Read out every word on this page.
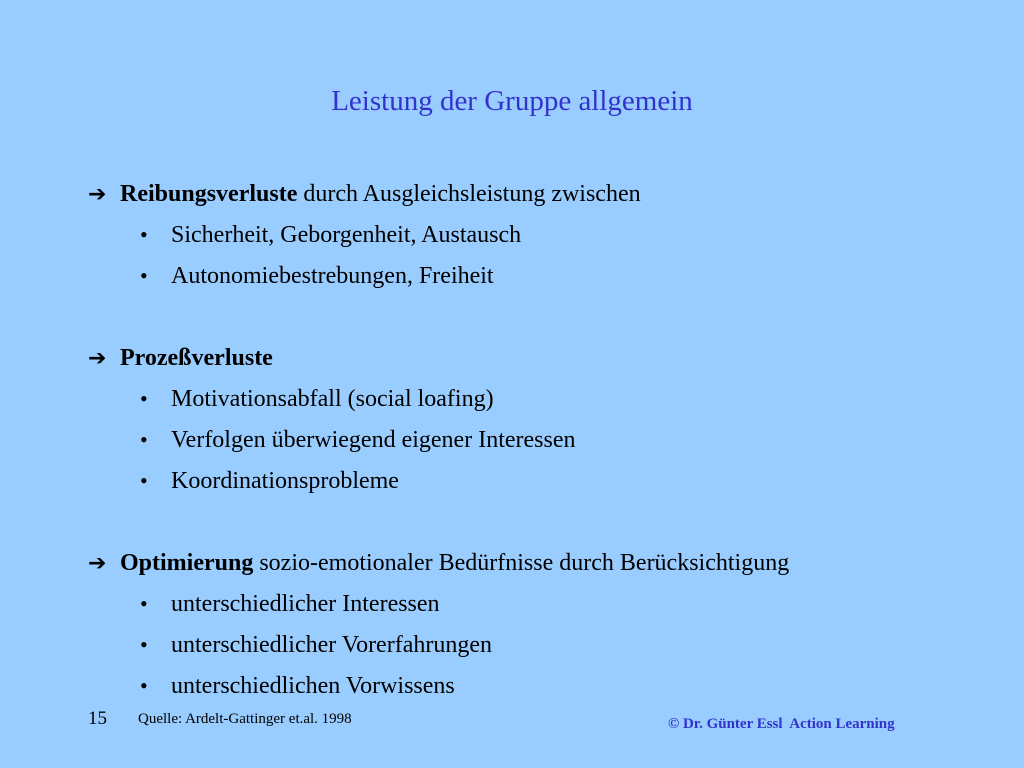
Leistung der Gruppe allgemein
➔ Reibungsverluste durch Ausgleichsleistung zwischen
• Sicherheit, Geborgenheit, Austausch
• Autonomiebestrebungen, Freiheit
➔ Prozeßverluste
• Motivationsabfall (social loafing)
• Verfolgen überwiegend eigener Interessen
• Koordinationsprobleme
➔ Optimierung sozio-emotionaler Bedürfnisse durch Berücksichtigung
• unterschiedlicher Interessen
• unterschiedlicher Vorerfahrungen
• unterschiedlichen Vorwissens
15 Quelle: Ardelt-Gattinger et.al. 1998	© Dr. Günter Essl  Action Learning
